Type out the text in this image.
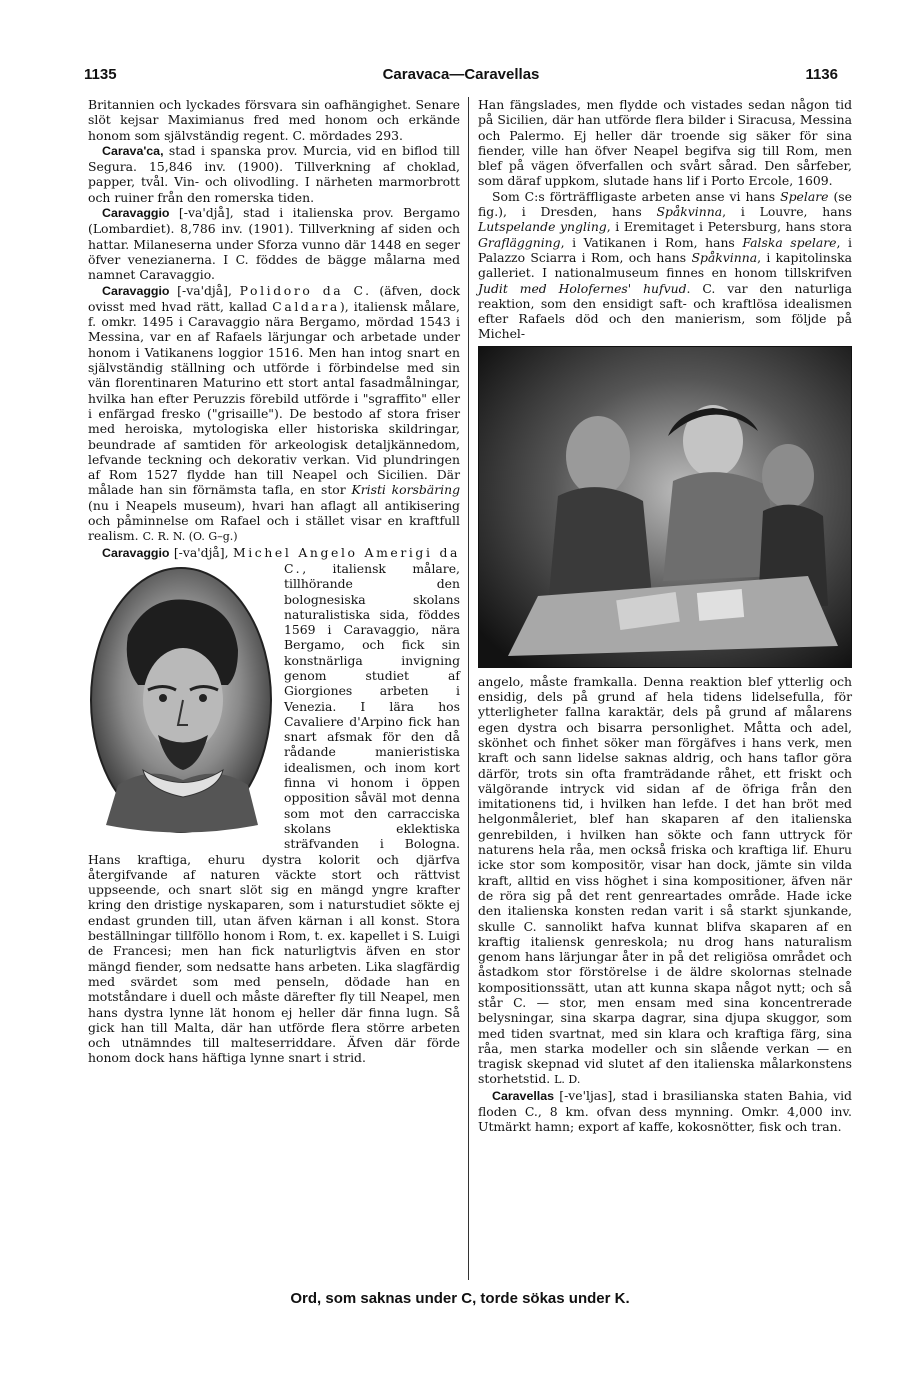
1135	Caravaca—Caravellas	1136

Britannien och lyckades försvara sin oafhängighet. Senare slöt kejsar Maximianus fred med honom och erkände honom som självständig regent. C. mördades 293.

Carava'ca, stad i spanska prov. Murcia, vid en biflod till Segura. 15,846 inv. (1900). Tillverkning af choklad, papper, tvål. Vin- och olivodling. I närheten marmorbrott och ruiner från den romerska tiden.

Caravaggio [-va'djå], stad i italienska prov. Bergamo (Lombardiet). 8,786 inv. (1901). Tillverkning af siden och hattar. Milaneserna under Sforza vunno där 1448 en seger öfver venezianerna. I C. föddes de bägge målarna med namnet Caravaggio.

Caravaggio [-va'djå], Polidoro da C. (äfven, dock ovisst med hvad rätt, kallad Caldara), italiensk målare, f. omkr. 1495 i Caravaggio nära Bergamo, mördad 1543 i Messina, var en af Rafaels lärjungar och arbetade under honom i Vatikanens loggior 1516. Men han intog snart en självständig ställning och utförde i förbindelse med sin vän florentinaren Maturino ett stort antal fasadmålningar, hvilka han efter Peruzzis förebild utförde i "sgraffito" eller i enfärgad fresko ("grisaille"). De bestodo af stora friser med heroiska, mytologiska eller historiska skildringar, beundrade af samtiden för arkeologisk detaljkännedom, lefvande teckning och dekorativ verkan. Vid plundringen af Rom 1527 flydde han till Neapel och Sicilien. Där målade han sin förnämsta tafla, en stor Kristi korsbäring (nu i Neapels museum), hvari han aflagt all antikisering och påminnelse om Rafael och i stället visar en kraftfull realism. C. R. N. (O. G–g.)

Caravaggio [-va'djå], Michel Angelo Amerigi da C.
, italiensk målare, tillhörande den bolognesiska skolans naturalistiska sida, föddes 1569 i Caravaggio, nära Bergamo, och fick sin konstnärliga invigning genom studiet af Giorgiones arbeten i Venezia. I lära hos Cavaliere d'Arpino fick han snart afsmak för den då rådande manieristiska idealismen, och inom kort finna vi honom i öppen opposition såväl mot denna som mot den carracciska skolans eklektiska sträfvanden i Bologna. Hans kraftiga, ehuru dystra kolorit och djärfva återgifvande af naturen väckte stort och rättvist uppseende, och snart slöt sig en mängd yngre krafter kring den dristige nyskaparen, som i naturstudiet sökte ej endast grunden till, utan äfven kärnan i all konst. Stora beställningar tillföllo honom i Rom, t. ex. kapellet i S. Luigi de Francesi; men han fick naturligtvis äfven en stor mängd fiender, som nedsatte hans arbeten. Lika slagfärdig med svärdet som med penseln, dödade han en motståndare i duell och måste därefter fly till Neapel, men hans dystra lynne lät honom ej heller där finna lugn. Så gick han till Malta, där han utförde flera större arbeten och utnämndes till malteserriddare. Äfven där förde honom dock hans häftiga lynne snart i strid.

Han fängslades, men flydde och vistades sedan någon tid på Sicilien, där han utförde flera bilder i Siracusa, Messina och Palermo. Ej heller där troende sig säker för sina fiender, ville han öfver Neapel begifva sig till Rom, men blef på vägen öfverfallen och svårt sårad. Den sårfeber, som däraf uppkom, slutade hans lif i Porto Ercole, 1609.

Som C:s förträffligaste arbeten anse vi hans Spelare (se fig.), i Dresden, hans Spåkvinna, i Louvre, hans Lutspelande yngling, i Eremitaget i Petersburg, hans stora Grafläggning, i Vatikanen i Rom, hans Falska spelare, i Palazzo Sciarra i Rom, och hans Spåkvinna, i kapitolinska galleriet. I nationalmuseum finnes en honom tillskrifven Judit med Holofernes' hufvud. C. var den naturliga reaktion, som den ensidigt saft- och kraftlösa idealismen efter Rafaels död och den manierism, som följde på Michel-

angelo, måste framkalla. Denna reaktion blef ytterlig och ensidig, dels på grund af hela tidens lidelsefulla, för ytterligheter fallna karaktär, dels på grund af målarens egen dystra och bisarra personlighet. Måtta och adel, skönhet och finhet söker man förgäfves i hans verk, men kraft och sann lidelse saknas aldrig, och hans taflor göra därför, trots sin ofta framträdande råhet, ett friskt och välgörande intryck vid sidan af de öfriga från den imitationens tid, i hvilken han lefde. I det han bröt med helgonmåleriet, blef han skaparen af den italienska genrebilden, i hvilken han sökte och fann uttryck för naturens hela råa, men också friska och kraftiga lif. Ehuru icke stor som kompositör, visar han dock, jämte sin vilda kraft, alltid en viss höghet i sina kompositioner, äfven när de röra sig på det rent genreartades område. Hade icke den italienska konsten redan varit i så starkt sjunkande, skulle C. sannolikt hafva kunnat blifva skaparen af en kraftig italiensk genreskola; nu drog hans naturalism genom hans lärjungar åter in på det religiösa området och åstadkom stor förstörelse i de äldre skolornas stelnade kompositionssätt, utan att kunna skapa något nytt; och så står C. — stor, men ensam med sina koncentrerade belysningar, sina skarpa dagrar, sina djupa skuggor, som med tiden svartnat, med sin klara och kraftiga färg, sina råa, men starka modeller och sin slående verkan — en tragisk skepnad vid slutet af den italienska målarkonstens storhetstid. L. D.

Caravellas [-ve'ljas], stad i brasilianska staten Bahia, vid floden C., 8 km. ofvan dess mynning. Omkr. 4,000 inv. Utmärkt hamn; export af kaffe, kokosnötter, fisk och tran.

Ord, som saknas under C, torde sökas under K.
